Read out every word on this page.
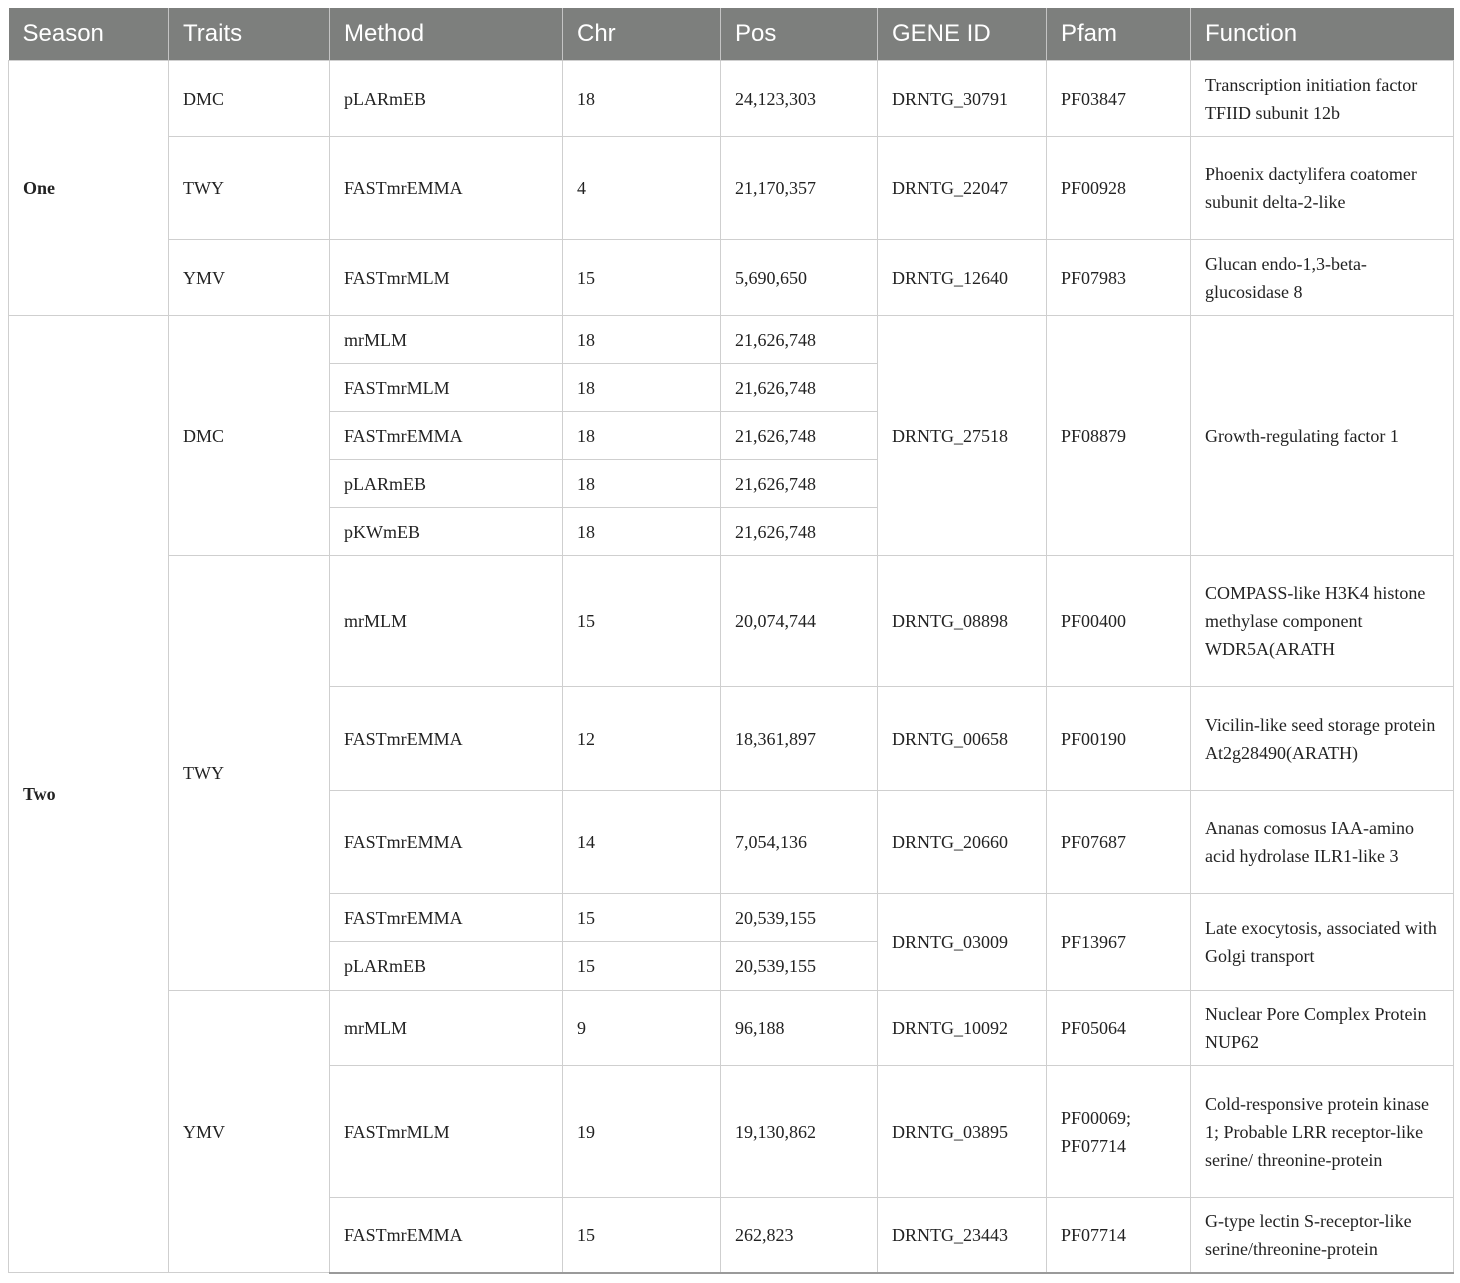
Season	Traits	Method	Chr	Pos	GENE ID	Pfam	Function
One	DMC	pLARmEB	18	24,123,303	DRNTG_30791	PF03847	Transcription initiation factor TFIID subunit 12b
	TWY	FASTmrEMMA	4	21,170,357	DRNTG_22047	PF00928	Phoenix dactylifera coatomer subunit delta-2-like
	YMV	FASTmrMLM	15	5,690,650	DRNTG_12640	PF07983	Glucan endo-1,3-beta-glucosidase 8
Two	DMC	mrMLM	18	21,626,748	DRNTG_27518	PF08879	Growth-regulating factor 1
		FASTmrMLM	18	21,626,748			
		FASTmrEMMA	18	21,626,748			
		pLARmEB	18	21,626,748			
		pKWmEB	18	21,626,748			
	TWY	mrMLM	15	20,074,744	DRNTG_08898	PF00400	COMPASS-like H3K4 histone methylase component WDR5A(ARATH
		FASTmrEMMA	12	18,361,897	DRNTG_00658	PF00190	Vicilin-like seed storage protein At2g28490(ARATH)
		FASTmrEMMA	14	7,054,136	DRNTG_20660	PF07687	Ananas comosus IAA-amino acid hydrolase ILR1-like 3
		FASTmrEMMA	15	20,539,155	DRNTG_03009	PF13967	Late exocytosis, associated with Golgi transport
		pLARmEB	15	20,539,155			
	YMV	mrMLM	9	96,188	DRNTG_10092	PF05064	Nuclear Pore Complex Protein NUP62
		FASTmrMLM	19	19,130,862	DRNTG_03895	PF00069; PF07714	Cold-responsive protein kinase 1; Probable LRR receptor-like serine/ threonine-protein
		FASTmrEMMA	15	262,823	DRNTG_23443	PF07714	G-type lectin S-receptor-like serine/threonine-protein
